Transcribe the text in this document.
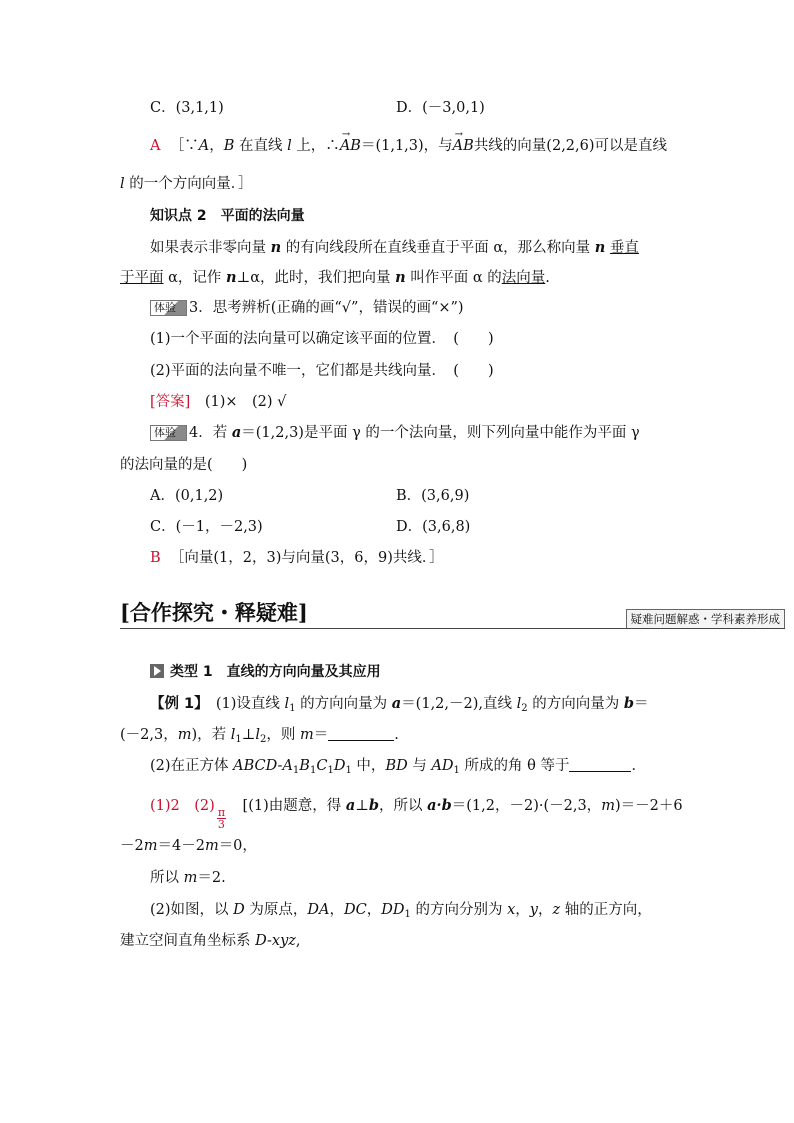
C．(3,1,1)	D．(－3,0,1)
A ［∵A，B 在直线 l 上，∴→ AB＝(1,1,3)，与→ AB共线的向量(2,2,6)可以是直线
l 的一个方向向量．］
知识点 2　平面的法向量
如果表示非零向量 n 的有向线段所在直线垂直于平面 α，那么称向量 n 垂直
于平面 α，记作 n⊥α，此时，我们把向量 n 叫作平面 α 的法向量.
体验 3．思考辨析(正确的画“√”，错误的画“×”)
(1)一个平面的法向量可以确定该平面的位置．　(　　)
(2)平面的法向量不唯一，它们都是共线向量．　(　　)
[答案]　(1)×　(2) √
体验 4．若 a＝(1,2,3)是平面 γ 的一个法向量，则下列向量中能作为平面 γ
的法向量的是(　　)
A．(0,1,2)	B．(3,6,9)
C．(－1，－2,3)	D．(3,6,8)
B ［向量(1，2，3)与向量(3，6，9)共线．］
[合作探究・释疑难]	疑难问题解惑・学科素养形成
类型 1　直线的方向向量及其应用
【例 1】　(1)设直线 $l_1$ 的方向向量为 a＝(1,2,－2),直线 $l_2$ 的方向向量为 b＝
(－2,3，m)，若 $l_1\perp l_2$，则 m＝	.
(2)在正方体 ABCD-$A_1B_1C_1D_1$ 中，BD 与 $AD_1$ 所成的角 θ 等于	．
(1)2　(2)
$\frac{\pi}{3}$
　[(1)由题意，得 a⊥b，所以 a·b＝(1,2，－2)·(－2,3，m)＝－2＋6
－2m＝4－2m＝0，
所以 m＝2.
(2)如图，以 D 为原点，DA，DC，$DD_1$ 的方向分别为 x，y，z 轴的正方向，
建立空间直角坐标系 D-xyz,
